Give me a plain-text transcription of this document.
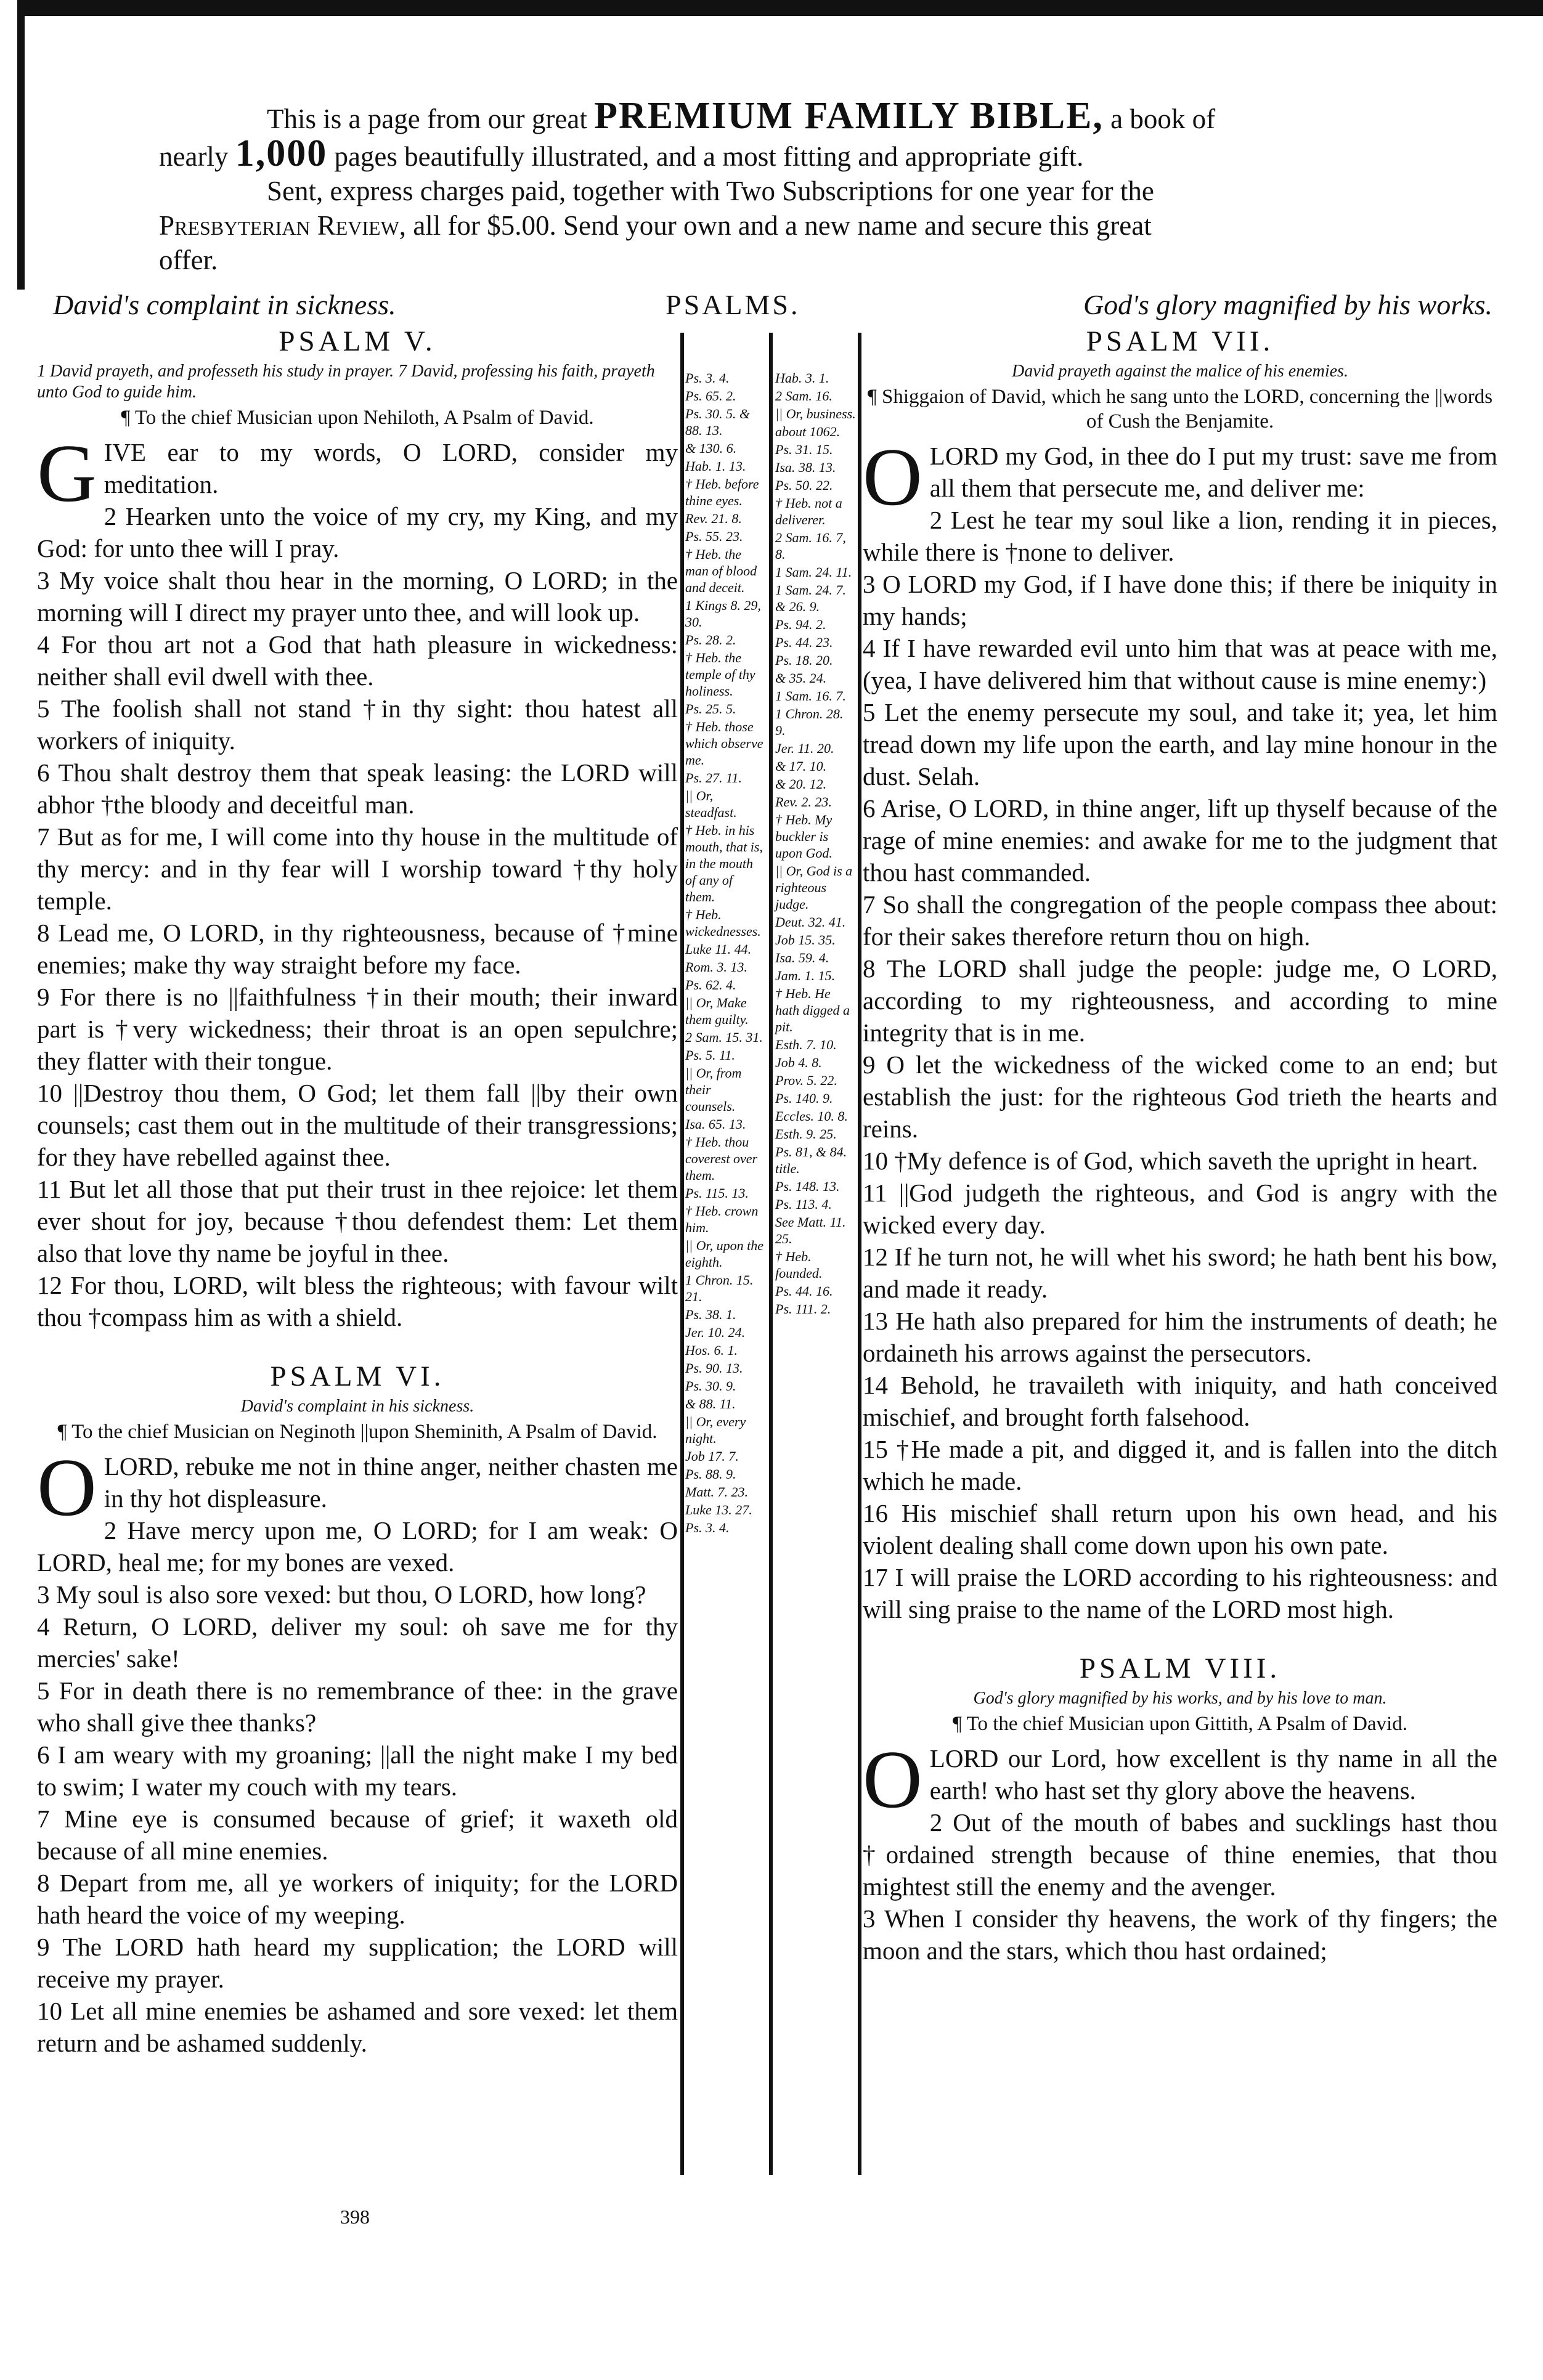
This is a page from our great PREMIUM FAMILY BIBLE, a book of

nearly 1,000 pages beautifully illustrated, and a most fitting and appropriate gift.

Sent, express charges paid, together with Two Subscriptions for one year for the

Presbyterian Review, all for $5.00. Send your own and a new name and secure this great

offer.

David's complaint in sickness.	PSALMS.	God's glory magnified by his works.
Ps. 3. 4.
Ps. 65. 2.
Ps. 30. 5. & 88. 13.
& 130. 6.
Hab. 1. 13.
† Heb. before thine eyes.
Rev. 21. 8.
Ps. 55. 23.
† Heb. the man of blood and deceit.
1 Kings 8. 29, 30.
Ps. 28. 2.
† Heb. the temple of thy holiness.
Ps. 25. 5.
† Heb. those which observe me.
Ps. 27. 11.
|| Or, steadfast.
† Heb. in his mouth, that is, in the mouth of any of them.
† Heb. wickednesses.
Luke 11. 44.
Rom. 3. 13.
Ps. 62. 4.
|| Or, Make them guilty.
2 Sam. 15. 31.
Ps. 5. 11.
|| Or, from their counsels.
Isa. 65. 13.
† Heb. thou coverest over them.
Ps. 115. 13.
† Heb. crown him.
|| Or, upon the eighth.
1 Chron. 15. 21.
Ps. 38. 1.
Jer. 10. 24.
Hos. 6. 1.
Ps. 90. 13.
Ps. 30. 9.
& 88. 11.
|| Or, every night.
Job 17. 7.
Ps. 88. 9.
Matt. 7. 23.
Luke 13. 27.
Ps. 3. 4.
Hab. 3. 1.
2 Sam. 16.
|| Or, business.
about 1062.
Ps. 31. 15.
Isa. 38. 13.
Ps. 50. 22.
† Heb. not a deliverer.
2 Sam. 16. 7, 8.
1 Sam. 24. 11.
1 Sam. 24. 7. & 26. 9.
Ps. 94. 2.
Ps. 44. 23.
Ps. 18. 20.
& 35. 24.
1 Sam. 16. 7.
1 Chron. 28. 9.
Jer. 11. 20.
& 17. 10.
& 20. 12.
Rev. 2. 23.
† Heb. My buckler is upon God.
|| Or, God is a righteous judge.
Deut. 32. 41.
Job 15. 35.
Isa. 59. 4.
Jam. 1. 15.
† Heb. He hath digged a pit.
Esth. 7. 10.
Job 4. 8.
Prov. 5. 22.
Ps. 140. 9.
Eccles. 10. 8.
Esth. 9. 25.
Ps. 81, & 84. title.
Ps. 148. 13.
Ps. 113. 4.
See Matt. 11. 25.
† Heb. founded.
Ps. 44. 16.
Ps. 111. 2.
PSALM V.
1 David prayeth, and professeth his study in prayer. 7 David, professing his faith, prayeth unto God to guide him.
¶ To the chief Musician upon Nehiloth, A Psalm of David.
G IVE ear to my words, O LORD, consider my meditation.

2 Hearken unto the voice of my cry, my King, and my God: for unto thee will I pray.

3 My voice shalt thou hear in the morning, O LORD; in the morning will I direct my prayer unto thee, and will look up.

4 For thou art not a God that hath pleasure in wickedness: neither shall evil dwell with thee.

5 The foolish shall not stand †in thy sight: thou hatest all workers of iniquity.

6 Thou shalt destroy them that speak leasing: the LORD will abhor †the bloody and deceitful man.

7 But as for me, I will come into thy house in the multitude of thy mercy: and in thy fear will I worship toward †thy holy temple.

8 Lead me, O LORD, in thy righteousness, because of †mine enemies; make thy way straight before my face.

9 For there is no ||faithfulness †in their mouth; their inward part is †very wickedness; their throat is an open sepulchre; they flatter with their tongue.

10 ||Destroy thou them, O God; let them fall ||by their own counsels; cast them out in the multitude of their transgressions; for they have rebelled against thee.

11 But let all those that put their trust in thee rejoice: let them ever shout for joy, because †thou defendest them: Let them also that love thy name be joyful in thee.

12 For thou, LORD, wilt bless the righteous; with favour wilt thou †compass him as with a shield.

PSALM VI.
David's complaint in his sickness.
¶ To the chief Musician on Neginoth ||upon Sheminith, A Psalm of David.
O LORD, rebuke me not in thine anger, neither chasten me in thy hot displeasure.

2 Have mercy upon me, O LORD; for I am weak: O LORD, heal me; for my bones are vexed.

3 My soul is also sore vexed: but thou, O LORD, how long?

4 Return, O LORD, deliver my soul: oh save me for thy mercies' sake!

5 For in death there is no remembrance of thee: in the grave who shall give thee thanks?

6 I am weary with my groaning; ||all the night make I my bed to swim; I water my couch with my tears.

7 Mine eye is consumed because of grief; it waxeth old because of all mine enemies.

8 Depart from me, all ye workers of iniquity; for the LORD hath heard the voice of my weeping.

9 The LORD hath heard my supplication; the LORD will receive my prayer.

10 Let all mine enemies be ashamed and sore vexed: let them return and be ashamed suddenly.

PSALM VII.
David prayeth against the malice of his enemies.
¶ Shiggaion of David, which he sang unto the LORD, concerning the ||words of Cush the Benjamite.
O LORD my God, in thee do I put my trust: save me from all them that persecute me, and deliver me:

2 Lest he tear my soul like a lion, rending it in pieces, while there is †none to deliver.

3 O LORD my God, if I have done this; if there be iniquity in my hands;

4 If I have rewarded evil unto him that was at peace with me, (yea, I have delivered him that without cause is mine enemy:)

5 Let the enemy persecute my soul, and take it; yea, let him tread down my life upon the earth, and lay mine honour in the dust. Selah.

6 Arise, O LORD, in thine anger, lift up thyself because of the rage of mine enemies: and awake for me to the judgment that thou hast commanded.

7 So shall the congregation of the people compass thee about: for their sakes therefore return thou on high.

8 The LORD shall judge the people: judge me, O LORD, according to my righteousness, and according to mine integrity that is in me.

9 O let the wickedness of the wicked come to an end; but establish the just: for the righteous God trieth the hearts and reins.

10 †My defence is of God, which saveth the upright in heart.

11 ||God judgeth the righteous, and God is angry with the wicked every day.

12 If he turn not, he will whet his sword; he hath bent his bow, and made it ready.

13 He hath also prepared for him the instruments of death; he ordaineth his arrows against the persecutors.

14 Behold, he travaileth with iniquity, and hath conceived mischief, and brought forth falsehood.

15 †He made a pit, and digged it, and is fallen into the ditch which he made.

16 His mischief shall return upon his own head, and his violent dealing shall come down upon his own pate.

17 I will praise the LORD according to his righteousness: and will sing praise to the name of the LORD most high.

PSALM VIII.
God's glory magnified by his works, and by his love to man.
¶ To the chief Musician upon Gittith, A Psalm of David.
O LORD our Lord, how excellent is thy name in all the earth! who hast set thy glory above the heavens.

2 Out of the mouth of babes and sucklings hast thou †ordained strength because of thine enemies, that thou mightest still the enemy and the avenger.

3 When I consider thy heavens, the work of thy fingers; the moon and the stars, which thou hast ordained;

398
